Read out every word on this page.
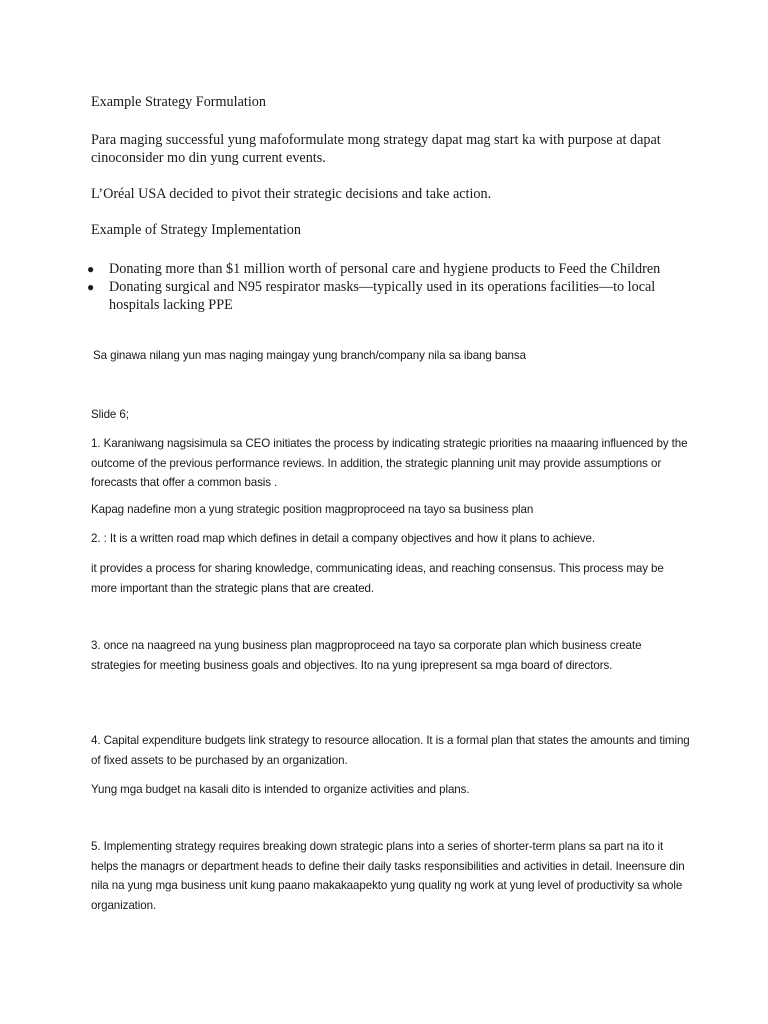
Example Strategy Formulation

Para maging successful yung mafoformulate mong strategy dapat mag start ka with purpose at dapat cinoconsider mo din yung current events.

L’Oréal USA decided to pivot their strategic decisions and take action.

Example of Strategy Implementation

● Donating more than $1 million worth of personal care and hygiene products to Feed the Children
● Donating surgical and N95 respirator masks—typically used in its operations facilities—to local hospitals lacking PPE

Sa ginawa nilang yun mas naging maingay yung branch/company nila sa ibang bansa

Slide 6;

1. Karaniwang nagsisimula sa CEO initiates the process by indicating strategic priorities na maaaring influenced by the outcome of the previous performance reviews. In addition, the strategic planning unit may provide assumptions or forecasts that offer a common basis .

Kapag nadefine mon a yung strategic position magproproceed na tayo sa business plan

2. : It is a written road map which defines in detail a company objectives and how it plans to achieve.

it provides a process for sharing knowledge, communicating ideas, and reaching consensus. This process may be more important than the strategic plans that are created.

3. once na naagreed na yung business plan magproproceed na tayo sa corporate plan which business create strategies for meeting business goals and objectives. Ito na yung iprepresent sa mga board of directors.

4. Capital expenditure budgets link strategy to resource allocation. It is a formal plan that states the amounts and timing of fixed assets to be purchased by an organization.

Yung mga budget na kasali dito is intended to organize activities and plans.

5. Implementing strategy requires breaking down strategic plans into a series of shorter-term plans sa part na ito it helps the managrs or department heads to define their daily tasks responsibilities and activities in detail. Ineensure din nila na yung mga business unit kung paano makakaapekto yung quality ng work at yung level of productivity sa whole organization.
